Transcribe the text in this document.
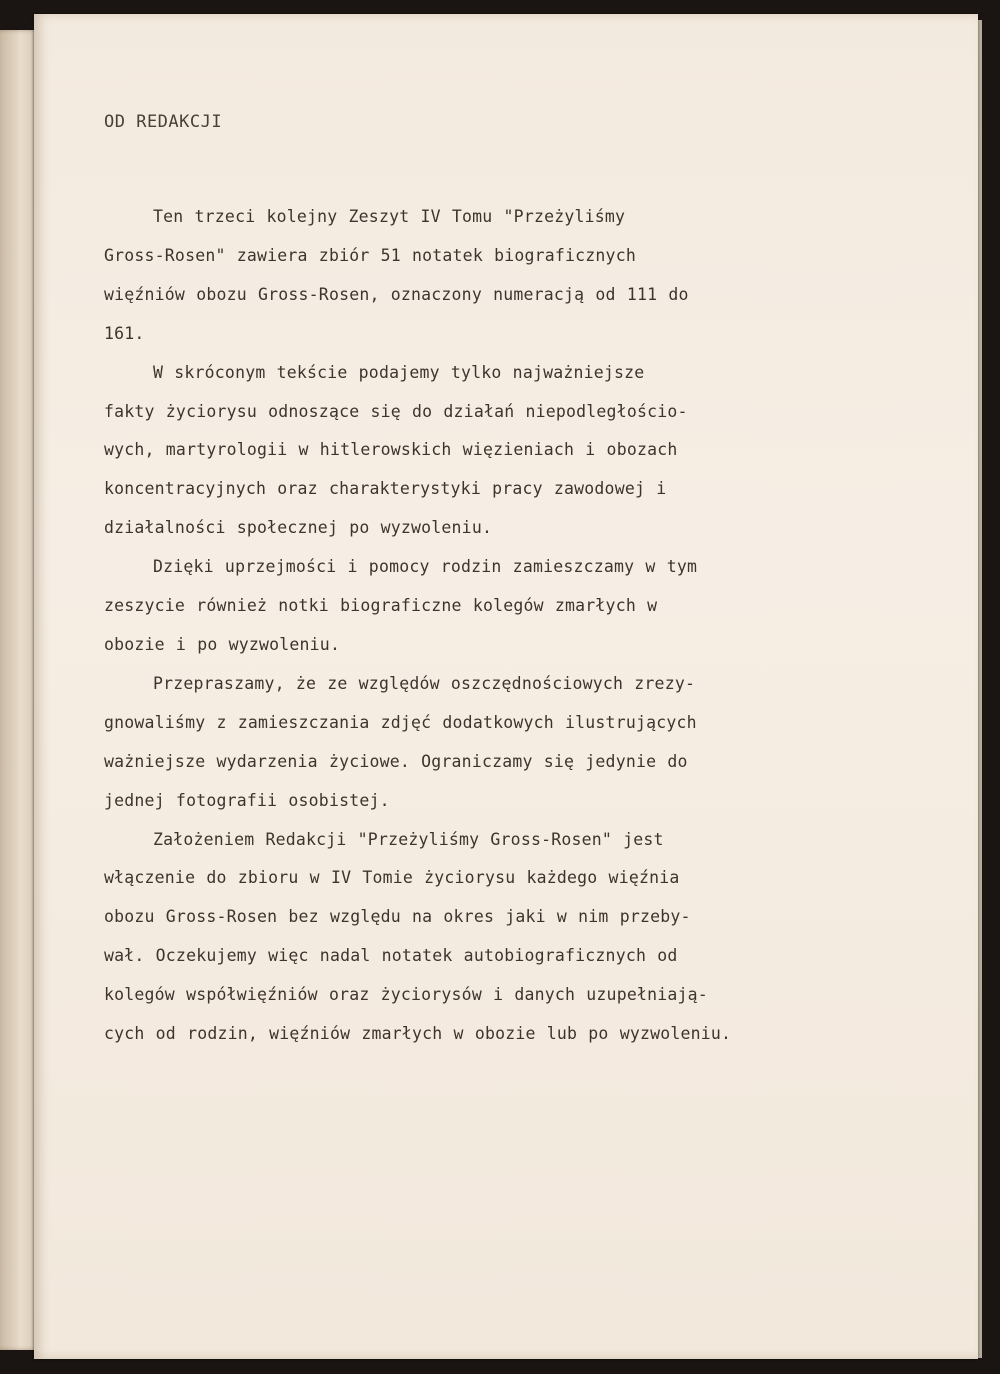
OD REDAKCJI

Ten trzeci kolejny Zeszyt IV Tomu "Przeżyliśmy
Gross-Rosen" zawiera zbiór 51 notatek biograficznych
więźniów obozu Gross-Rosen, oznaczony numeracją od 111 do
161.

W skróconym tekście podajemy tylko najważniejsze
fakty życiorysu odnoszące się do działań niepodległościo-
wych, martyrologii w hitlerowskich więzieniach i obozach
koncentracyjnych oraz charakterystyki pracy zawodowej i
działalności społecznej po wyzwoleniu.

Dzięki uprzejmości i pomocy rodzin zamieszczamy w tym
zeszycie również notki biograficzne kolegów zmarłych w
obozie i po wyzwoleniu.

Przepraszamy, że ze względów oszczędnościowych zrezy-
gnowaliśmy z zamieszczania zdjęć dodatkowych ilustrujących
ważniejsze wydarzenia życiowe. Ograniczamy się jedynie do
jednej fotografii osobistej.

Założeniem Redakcji "Przeżyliśmy Gross-Rosen" jest
włączenie do zbioru w IV Tomie życiorysu każdego więźnia
obozu Gross-Rosen bez względu na okres jaki w nim przeby-
wał. Oczekujemy więc nadal notatek autobiograficznych od
kolegów współwięźniów oraz życiorysów i danych uzupełniają-
cych od rodzin, więźniów zmarłych w obozie lub po wyzwoleniu.
